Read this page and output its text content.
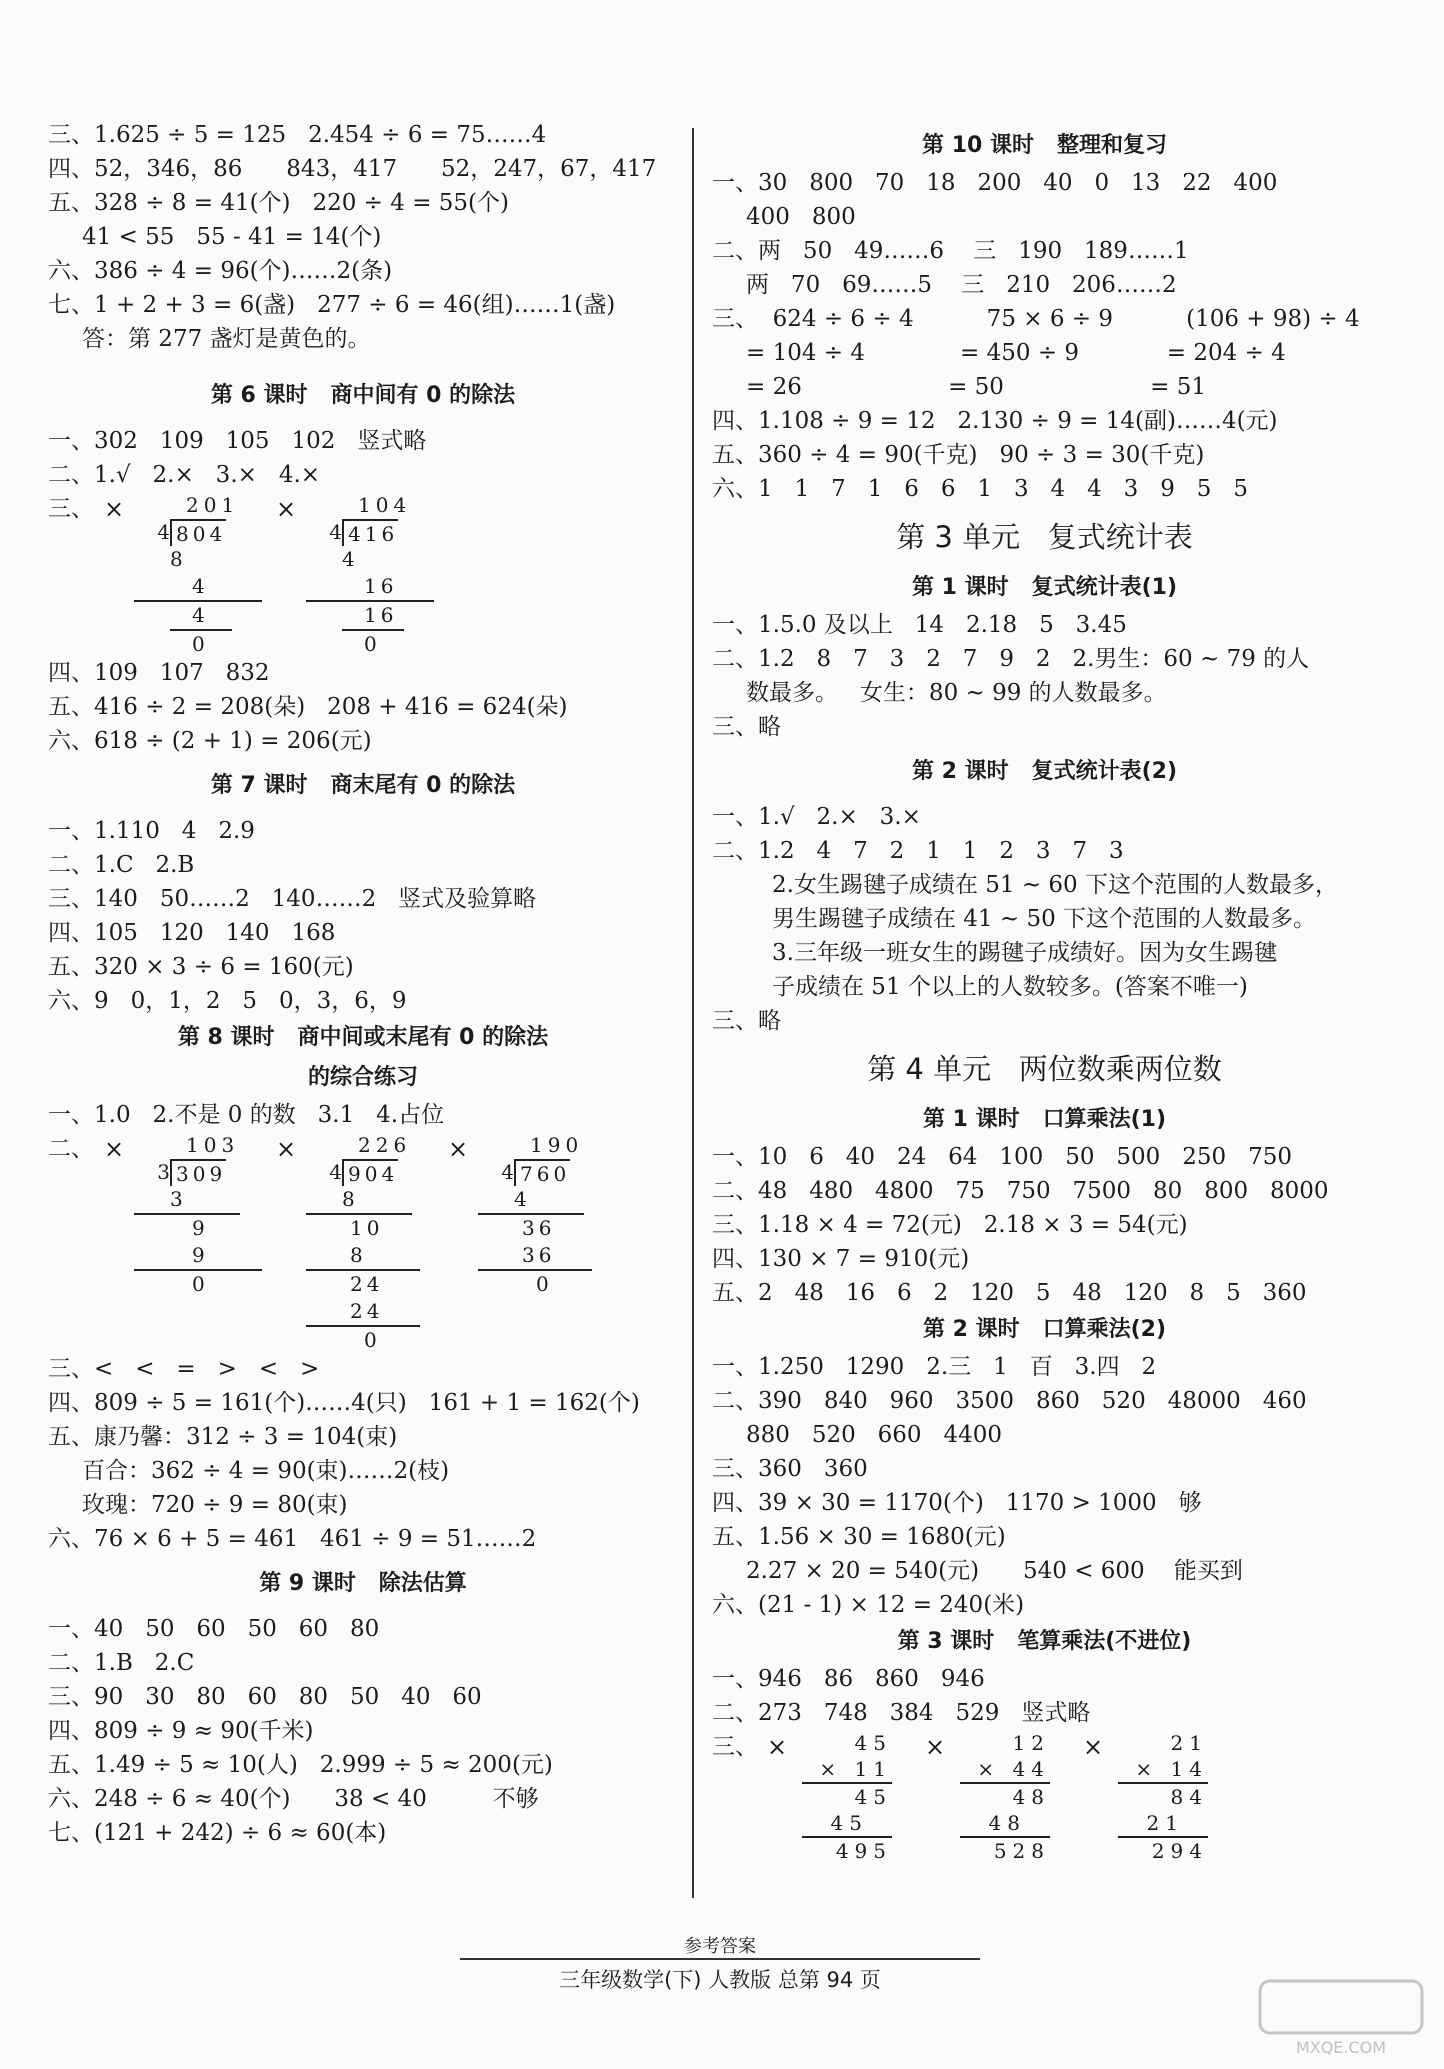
三、1.625 ÷ 5 = 125   2.454 ÷ 6 = 75……4
四、52，346，86      843，417      52，247，67，417
五、328 ÷ 8 = 41(个)   220 ÷ 4 = 55(个)
41 < 55   55 - 41 = 14(个)
六、386 ÷ 4 = 96(个)……2(条)
七、1 + 2 + 3 = 6(盏)   277 ÷ 6 = 46(组)……1(盏)
答：第 277 盏灯是黄色的。
第 6 课时   商中间有 0 的除法
一、302   109   105   102   竖式略
二、1.√   2.×   3.×   4.×
三、 ×	201
4 804
8
4
4
0
×	104
4 416
4
16
16
0
四、109   107   832
五、416 ÷ 2 = 208(朵)   208 + 416 = 624(朵)
六、618 ÷ (2 + 1) = 206(元)
第 7 课时   商末尾有 0 的除法
一、1.110   4   2.9
二、1.C   2.B
三、140   50……2   140……2   竖式及验算略
四、105   120   140   168
五、320 × 3 ÷ 6 = 160(元)
六、9   0，1，2   5   0，3，6，9
第 8 课时   商中间或末尾有 0 的除法
的综合练习
一、1.0   2.不是 0 的数   3.1   4.占位
二、 ×	103
3 309
3
9
9
0
×	226
4 904
8
10
8
24
24
0
×	190
4 760
4
36
36
0
三、<   <   =   >   <   >
四、809 ÷ 5 = 161(个)……4(只)   161 + 1 = 162(个)
五、康乃馨：312 ÷ 3 = 104(束)
百合：362 ÷ 4 = 90(束)……2(枝)
玫瑰：720 ÷ 9 = 80(束)
六、76 × 6 + 5 = 461   461 ÷ 9 = 51……2
第 9 课时   除法估算
一、40   50   60   50   60   80
二、1.B   2.C
三、90   30   80   60   80   50   40   60
四、809 ÷ 9 ≈ 90(千米)
五、1.49 ÷ 5 ≈ 10(人)   2.999 ÷ 5 ≈ 200(元)
六、248 ÷ 6 ≈ 40(个)      38 < 40         不够
七、(121 + 242) ÷ 6 ≈ 60(本)
第 10 课时   整理和复习
一、30   800   70   18   200   40   0   13   22   400
400   800
二、两   50   49……6    三   190   189……1
两   70   69……5    三   210   206……2
三、  624 ÷ 6 ÷ 4          75 × 6 ÷ 9          (106 + 98) ÷ 4
= 104 ÷ 4             = 450 ÷ 9            = 204 ÷ 4
= 26                    = 50                    = 51
四、1.108 ÷ 9 = 12   2.130 ÷ 9 = 14(副)……4(元)
五、360 ÷ 4 = 90(千克)   90 ÷ 3 = 30(千克)
六、1   1   7   1   6   6   1   3   4   4   3   9   5   5
第 3 单元   复式统计表
第 1 课时   复式统计表(1)
一、1.5.0 及以上   14   2.18   5   3.45
二、1.2   8   7   3   2   7   9   2   2.男生：60 ~ 79 的人
数最多。   女生：80 ~ 99 的人数最多。
三、略
第 2 课时   复式统计表(2)
一、1.√   2.×   3.×
二、1.2   4   7   2   1   1   2   3   7   3
2.女生踢毽子成绩在 51 ~ 60 下这个范围的人数最多，
男生踢毽子成绩在 41 ~ 50 下这个范围的人数最多。
3.三年级一班女生的踢毽子成绩好。因为女生踢毽
子成绩在 51 个以上的人数较多。(答案不唯一)
三、略
第 4 单元   两位数乘两位数
第 1 课时   口算乘法(1)
一、10   6   40   24   64   100   50   500   250   750
二、48   480   4800   75   750   7500   80   800   8000
三、1.18 × 4 = 72(元)   2.18 × 3 = 54(元)
四、130 × 7 = 910(元)
五、2   48   16   6   2   120   5   48   120   8   5   360
第 2 课时   口算乘法(2)
一、1.250   1290   2.三   1   百   3.四   2
二、390   840   960   3500   860   520   48000   460
880   520   660   4400
三、360   360
四、39 × 30 = 1170(个)   1170 > 1000   够
五、1.56 × 30 = 1680(元)
2.27 × 20 = 540(元)      540 < 600    能买到
六、(21 - 1) × 12 = 240(米)
第 3 课时   笔算乘法(不进位)
一、946   86   860   946
二、273   748   384   529   竖式略
三、 ×	45
× 11
45
45
495
×	12
× 44
48
48
528
×	21
× 14
84
21
294
参考答案
三年级数学(下) 人教版 总第 94 页
MXQE.COM
